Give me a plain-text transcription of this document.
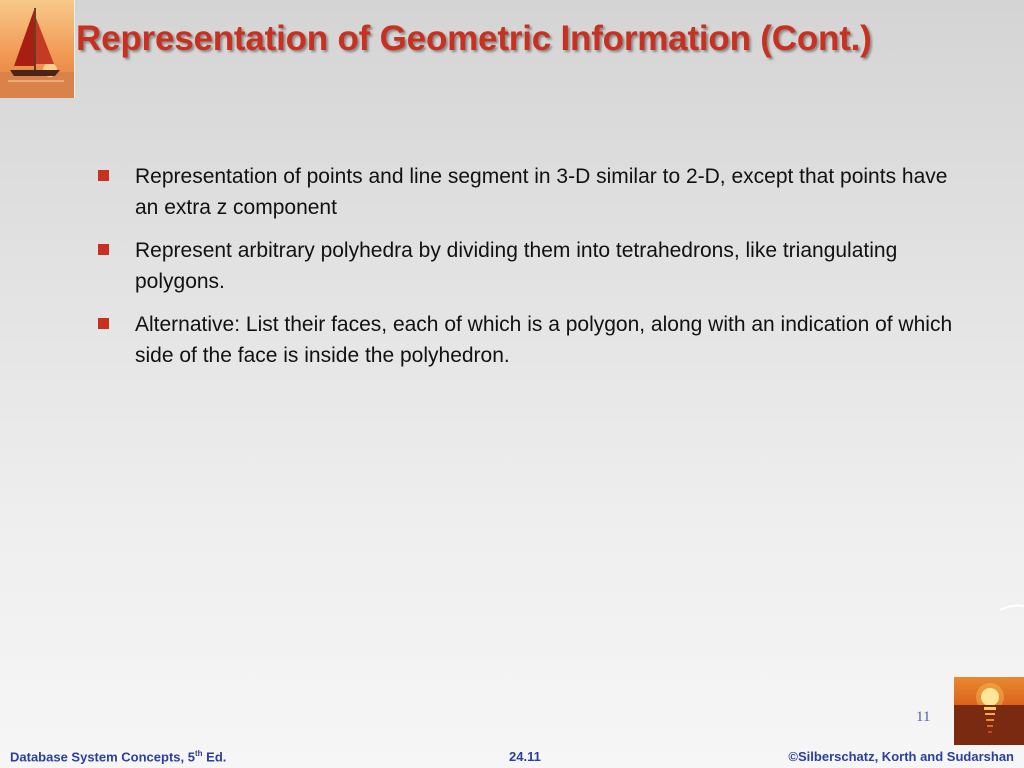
Representation of Geometric Information (Cont.)
Representation of points and line segment in 3-D similar to 2-D, except that points have an extra z component
Represent arbitrary polyhedra by dividing them into tetrahedrons, like triangulating polygons.
Alternative: List their faces, each of which is a polygon, along with an indication of which side of the face is inside the polyhedron.
11
Database System Concepts, 5th Ed.	24.11	©Silberschatz, Korth and Sudarshan
